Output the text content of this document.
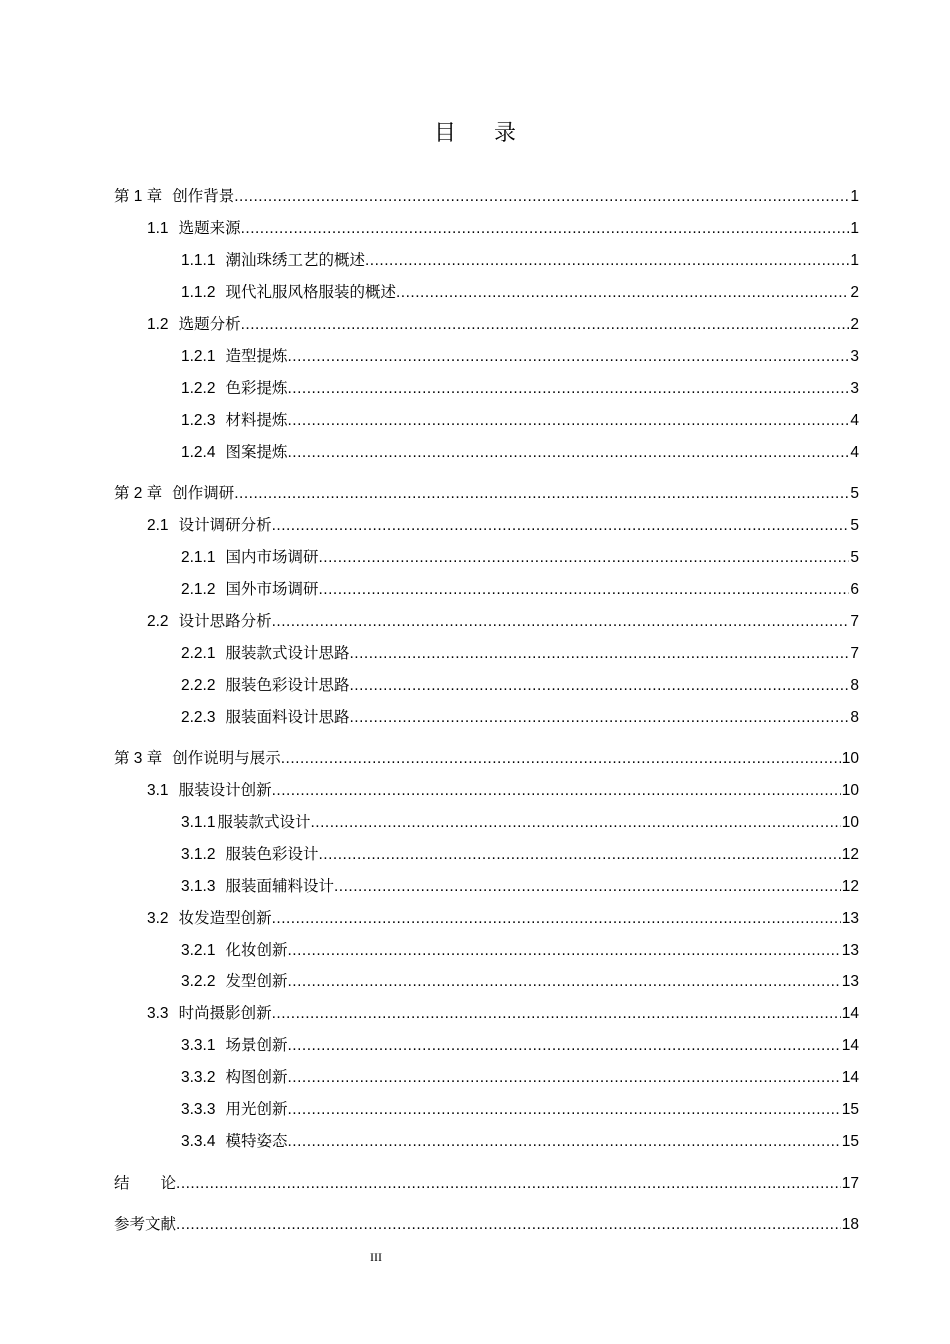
目 录
第 1 章 创作背景 .....	1
1.1 选题来源 .....	1
1.1.1 潮汕珠绣工艺的概述 .....	1
1.1.2 现代礼服风格服装的概述 .....	2
1.2 选题分析 .....	2
1.2.1 造型提炼 .....	3
1.2.2 色彩提炼 .....	3
1.2.3 材料提炼 .....	4
1.2.4 图案提炼 .....	4
第 2 章 创作调研 .....	5
2.1 设计调研分析 .....	5
2.1.1 国内市场调研 .....	5
2.1.2 国外市场调研 .....	6
2.2 设计思路分析 .....	7
2.2.1 服装款式设计思路 .....	7
2.2.2 服装色彩设计思路 .....	8
2.2.3 服装面料设计思路 .....	8
第 3 章 创作说明与展示 .....	10
3.1 服装设计创新 .....	10
3.1.1 服装款式设计 .....	10
3.1.2 服装色彩设计 .....	12
3.1.3 服装面辅料设计 .....	12
3.2 妆发造型创新 .....	13
3.2.1 化妆创新 .....	13
3.2.2 发型创新 .....	13
3.3 时尚摄影创新 .....	14
3.3.1 场景创新 .....	14
3.3.2 构图创新 .....	14
3.3.3 用光创新 .....	15
3.3.4 模特姿态 .....	15
结　　论 .....	17
参考文献 .....	18
III
